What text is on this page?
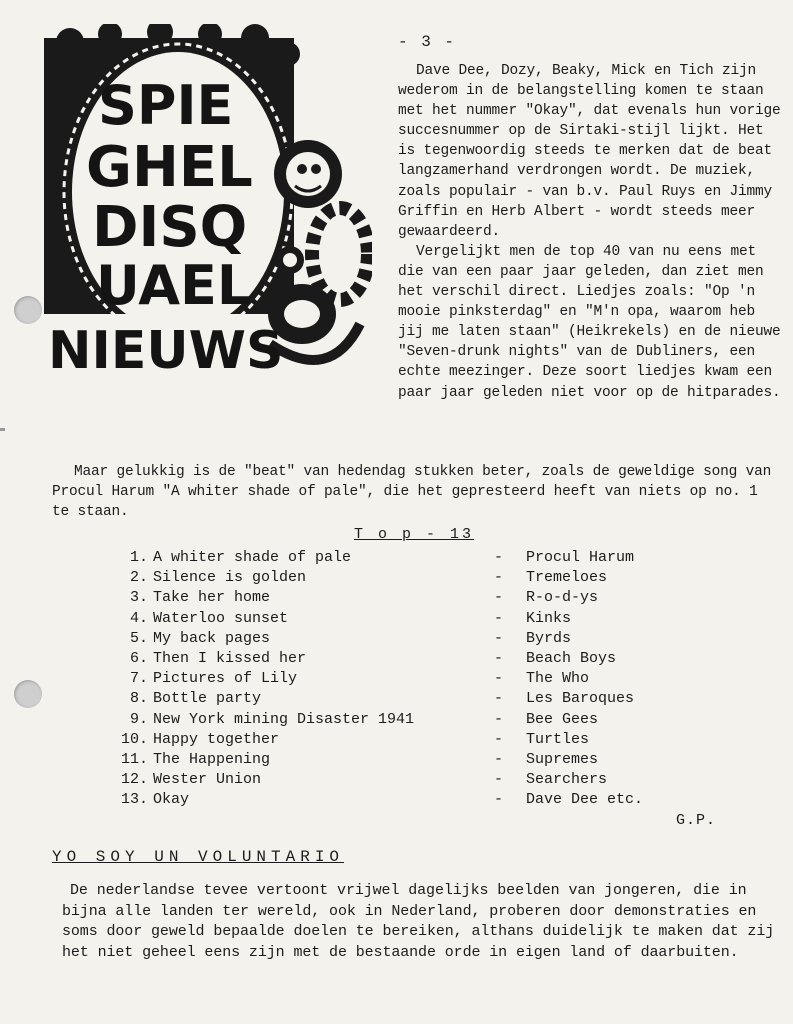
SPIE
GHEL
DISQ
UAEL
NIEUWS
- 3 -

Dave Dee, Dozy, Beaky, Mick en Tich zijn wederom in de belangstelling komen te staan met het nummer "Okay", dat evenals hun vorige succesnummer op de Sirtaki-stijl lijkt. Het is tegenwoordig steeds te merken dat de beat langzamerhand verdrongen wordt. De muziek, zoals populair - van b.v. Paul Ruys en Jimmy Griffin en Herb Albert - wordt steeds meer gewaardeerd.

Vergelijkt men de top 40 van nu eens met die van een paar jaar geleden, dan ziet men het verschil direct. Liedjes zoals: "Op 'n mooie pinksterdag" en "M'n opa, waarom heb jij me laten staan" (Heikrekels) en de nieuwe "Seven-drunk nights" van de Dubliners, een echte meezinger. Deze soort liedjes kwam een paar jaar geleden niet voor op de hitparades.

Maar gelukkig is de "beat" van hedendag stukken beter, zoals de geweldige song van Procul Harum "A whiter shade of pale", die het gepresteerd heeft van niets op no. 1 te staan.

T o p - 13
1. A whiter shade of pale	- Procul Harum
2. Silence is golden	- Tremeloes
3. Take her home	- R-o-d-ys
4. Waterloo sunset	- Kinks
5. My back pages	- Byrds
6. Then I kissed her	- Beach Boys
7. Pictures of Lily	- The Who
8. Bottle party	- Les Baroques
9. New York mining Disaster 1941	- Bee Gees
10. Happy together	- Turtles
11. The Happening	- Supremes
12. Wester Union	- Searchers
13. Okay	- Dave Dee etc.
G.P.
YO SOY UN VOLUNTARIO

De nederlandse tevee vertoont vrijwel dagelijks beelden van jongeren, die in bijna alle landen ter wereld, ook in Nederland, proberen door demonstraties en soms door geweld bepaalde doelen te bereiken, althans duidelijk te maken dat zij het niet geheel eens zijn met de bestaande orde in eigen land of daarbuiten.
